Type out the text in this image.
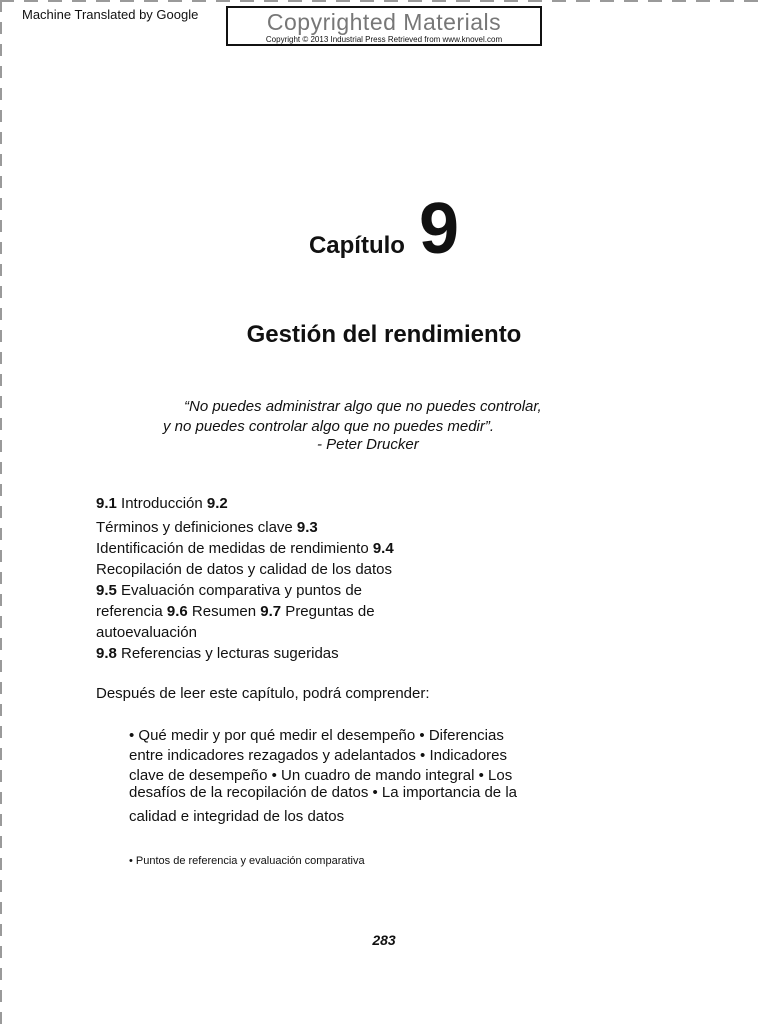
Machine Translated by Google	Copyrighted Materials
Copyright © 2013 Industrial Press Retrieved from www.knovel.com
Capítulo 9
Gestión del rendimiento
“No puedes administrar algo que no puedes controlar,
y no puedes controlar algo que no puedes medir”.
- Peter Drucker
9.1 Introducción 9.2
Términos y definiciones clave 9.3
Identificación de medidas de rendimiento 9.4
Recopilación de datos y calidad de los datos
9.5 Evaluación comparativa y puntos de
referencia 9.6 Resumen 9.7 Preguntas de
autoevaluación
9.8 Referencias y lecturas sugeridas
Después de leer este capítulo, podrá comprender:
• Qué medir y por qué medir el desempeño • Diferencias
entre indicadores rezagados y adelantados • Indicadores
clave de desempeño • Un cuadro de mando integral • Los
desafíos de la recopilación de datos • La importancia de la
calidad e integridad de los datos
• Puntos de referencia y evaluación comparativa
283
